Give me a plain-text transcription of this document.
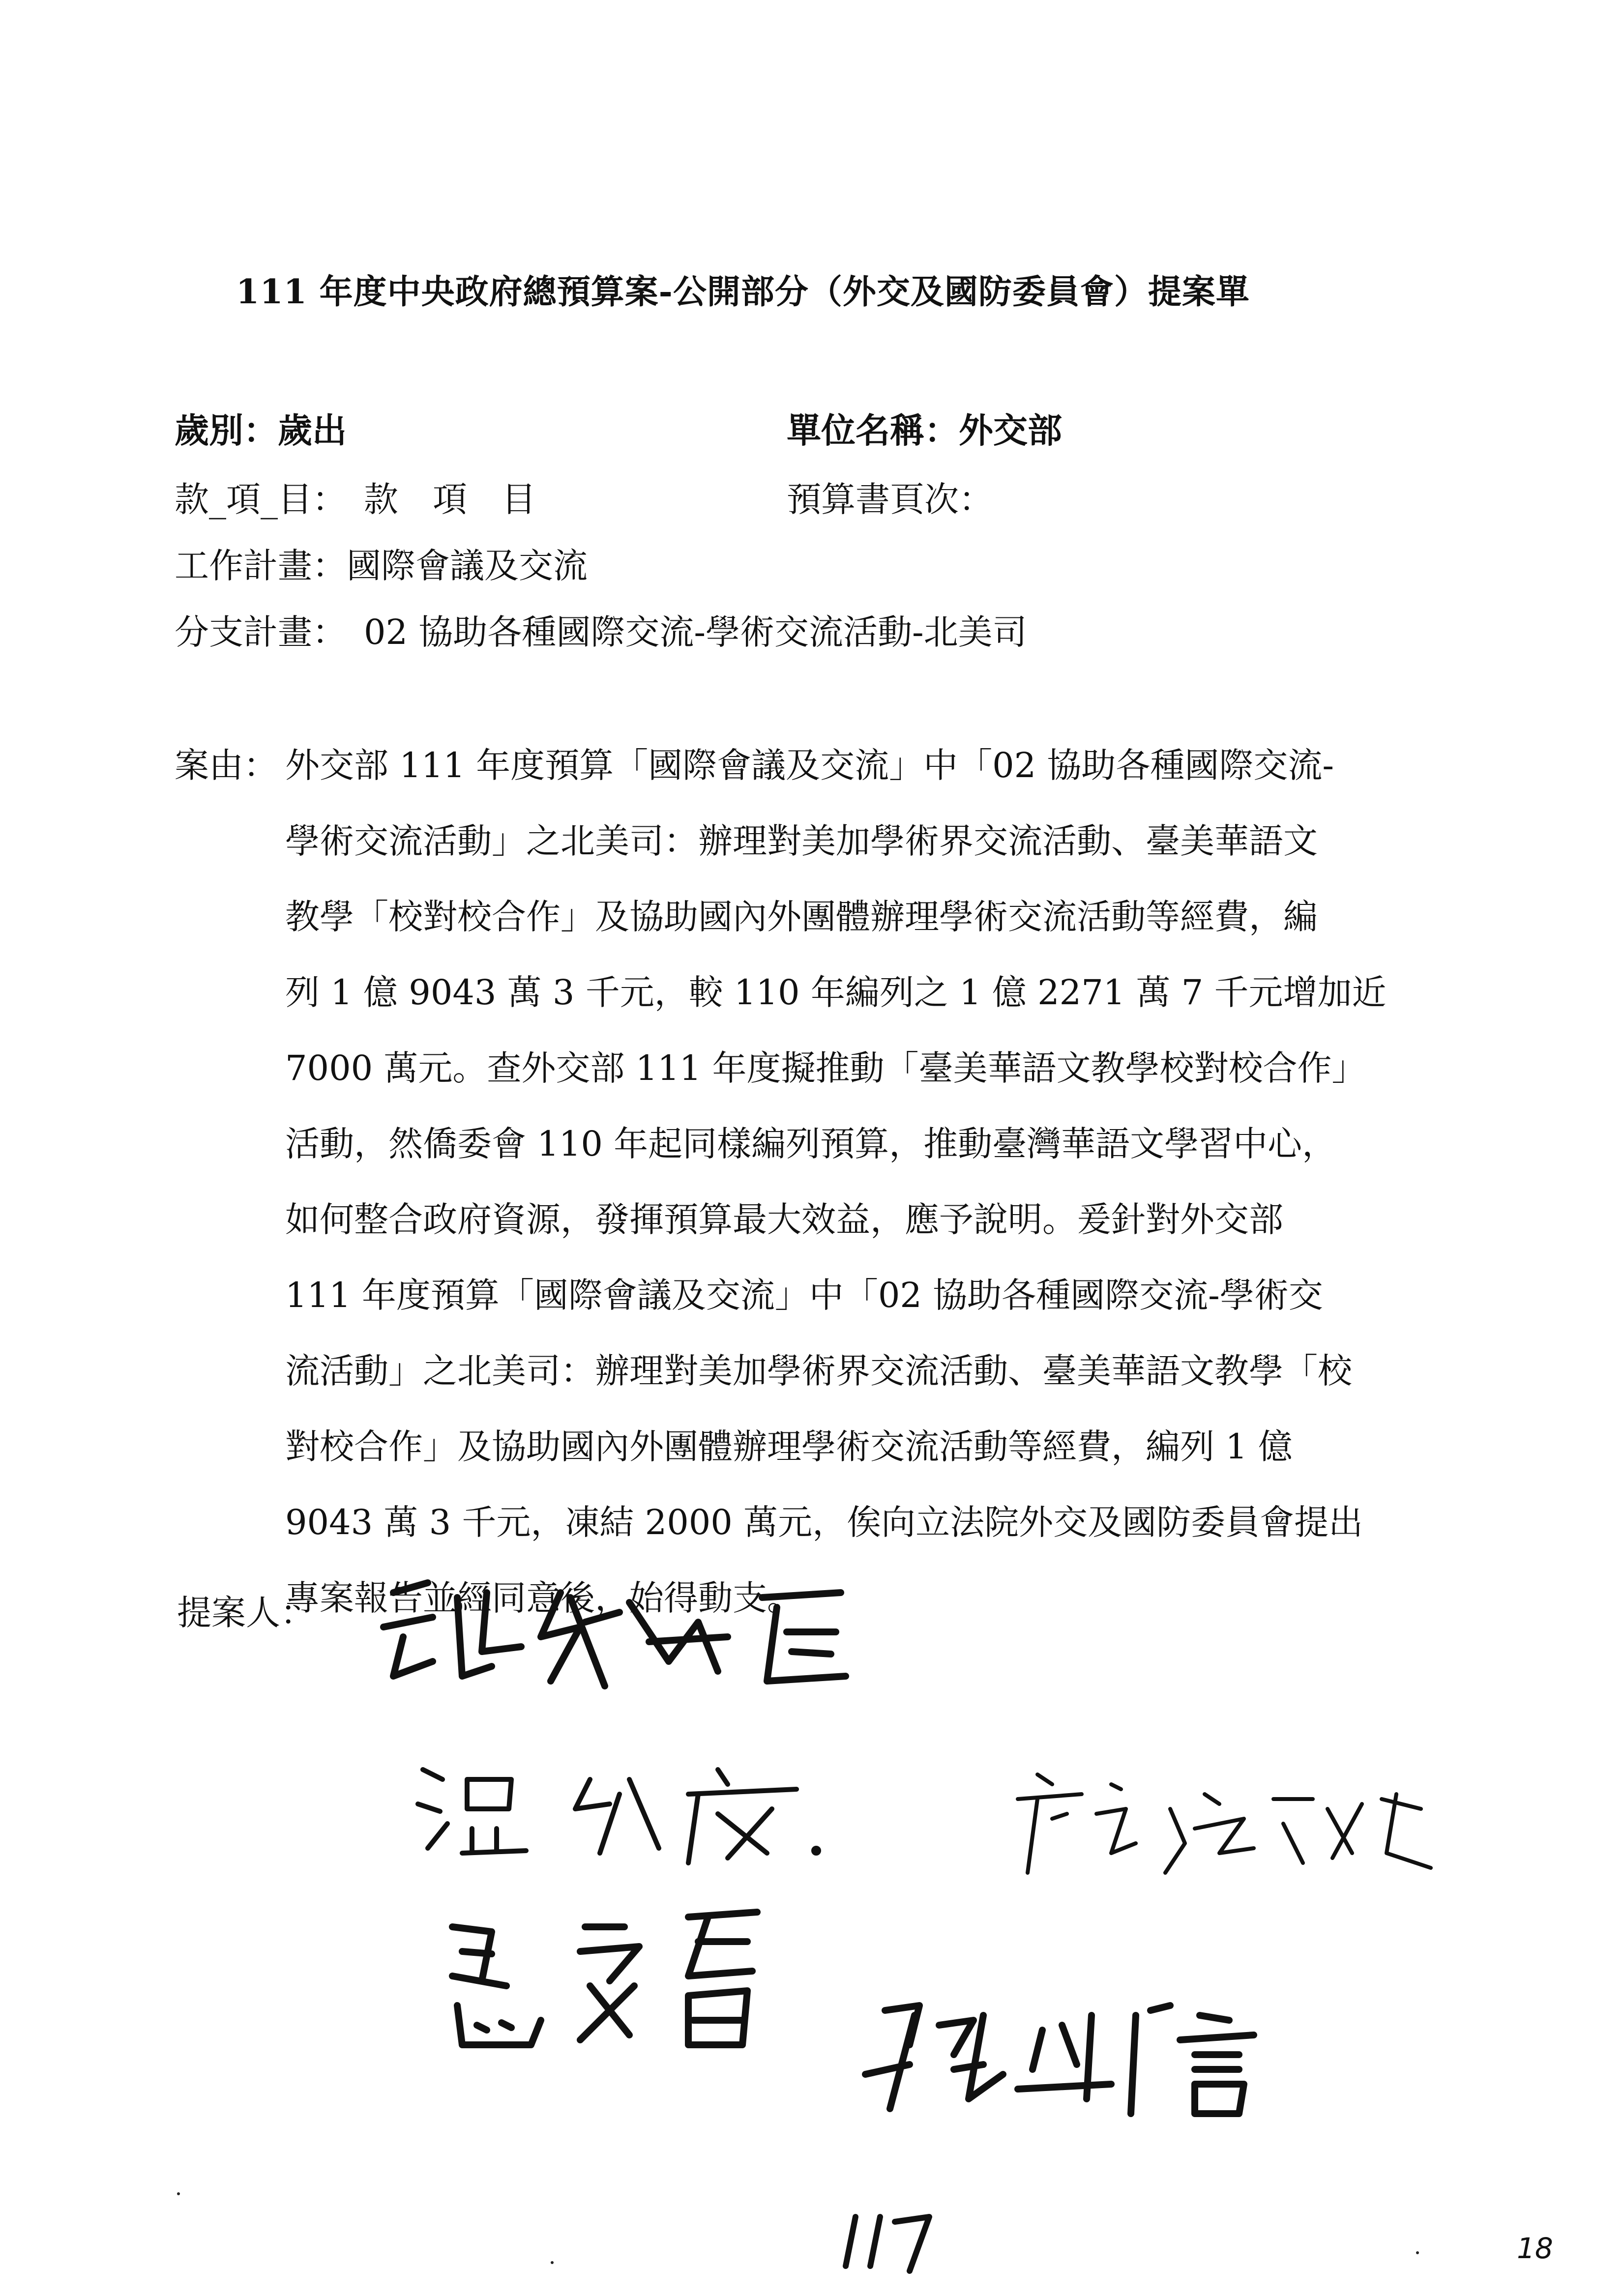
111 年度中央政府總預算案-公開部分（外交及國防委員會）提案單
歲別：歲出	單位名稱：外交部
款_項_目：　款　項　目	預算書頁次：
工作計畫：國際會議及交流
分支計畫：　02 協助各種國際交流-學術交流活動-北美司
案由： 外交部 111 年度預算「國際會議及交流」中「02 協助各種國際交流-
學術交流活動」之北美司：辦理對美加學術界交流活動、臺美華語文
教學「校對校合作」及協助國內外團體辦理學術交流活動等經費，編
列 1 億 9043 萬 3 千元，較 110 年編列之 1 億 2271 萬 7 千元增加近
7000 萬元。查外交部 111 年度擬推動「臺美華語文教學校對校合作」
活動，然僑委會 110 年起同樣編列預算，推動臺灣華語文學習中心，
如何整合政府資源，發揮預算最大效益，應予說明。爰針對外交部
111 年度預算「國際會議及交流」中「02 協助各種國際交流-學術交
流活動」之北美司：辦理對美加學術界交流活動、臺美華語文教學「校
對校合作」及協助國內外團體辦理學術交流活動等經費，編列 1 億
9043 萬 3 千元，凍結 2000 萬元，俟向立法院外交及國防委員會提出
專案報告並經同意後，始得動支。
提案人：
18
